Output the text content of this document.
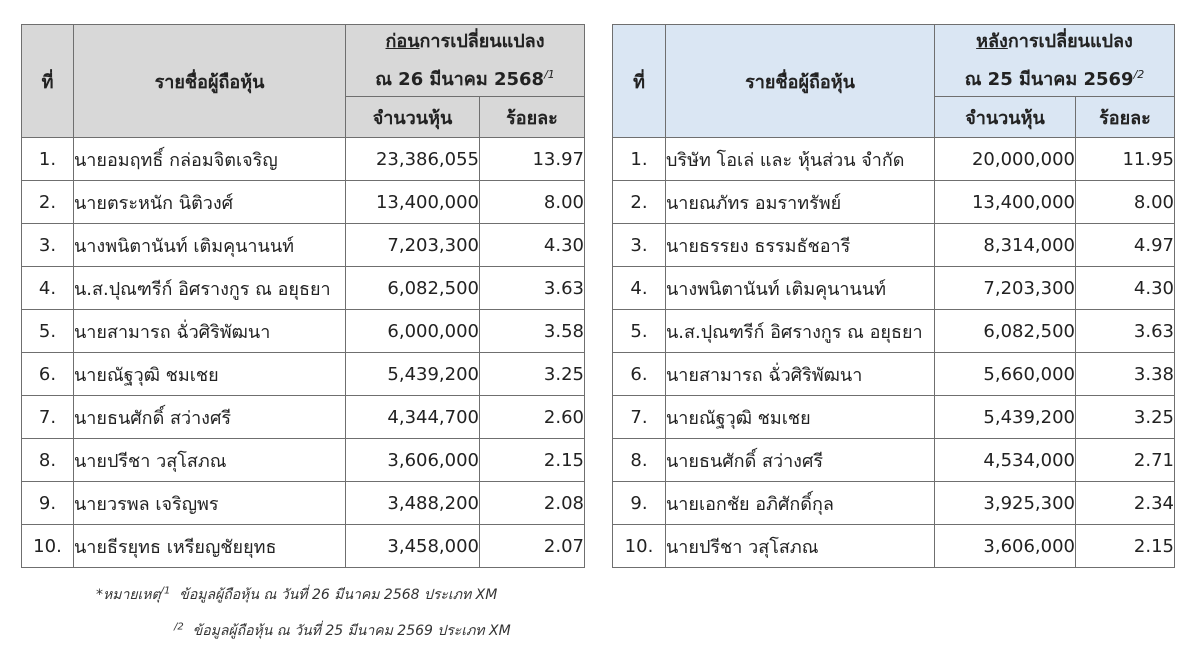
ที่	รายชื่อผู้ถือหุ้น	ก่อนการเปลี่ยนแปลง
ณ 26 มีนาคม $2568^{/1}$

		จำนวนหุ้น	ร้อยละ
1.	นายอมฤทธิ์ กล่อมจิตเจริญ	23,386,055	13.97
2.	นายตระหนัก นิติวงศ์	13,400,000	8.00
3.	นางพนิตานันท์ เติมคุนานนท์	7,203,300	4.30
4.	น.ส.ปุณฑรีก์ อิศรางกูร ณ อยุธยา	6,082,500	3.63
5.	นายสามารถ ฉั่วศิริพัฒนา	6,000,000	3.58
6.	นายณัฐวุฒิ ชมเชย	5,439,200	3.25
7.	นายธนศักดิ์ สว่างศรี	4,344,700	2.60
8.	นายปรีชา วสุโสภณ	3,606,000	2.15
9.	นายวรพล เจริญพร	3,488,200	2.08
10.	นายธีรยุทธ เหรียญชัยยุทธ	3,458,000	2.07
ที่	รายชื่อผู้ถือหุ้น	หลังการเปลี่ยนแปลง
ณ 25 มีนาคม $2569^{/2}$

		จำนวนหุ้น	ร้อยละ
1.	บริษัท โอเล่ และ หุ้นส่วน จำกัด	20,000,000	11.95
2.	นายณภัทร อมราทรัพย์	13,400,000	8.00
3.	นายธรรยง ธรรมธัชอารี	8,314,000	4.97
4.	นางพนิตานันท์ เติมคุนานนท์	7,203,300	4.30
5.	น.ส.ปุณฑรีก์ อิศรางกูร ณ อยุธยา	6,082,500	3.63
6.	นายสามารถ ฉั่วศิริพัฒนา	5,660,000	3.38
7.	นายณัฐวุฒิ ชมเชย	5,439,200	3.25
8.	นายธนศักดิ์ สว่างศรี	4,534,000	2.71
9.	นายเอกชัย อภิศักดิ์กุล	3,925,300	2.34
10.	นายปรีชา วสุโสภณ	3,606,000	2.15
*หมายเหตุ$^{/1}$ ข้อมูลผู้ถือหุ้น ณ วันที่ 26 มีนาคม 2568 ประเภท XM
$^{/2}$ ข้อมูลผู้ถือหุ้น ณ วันที่ 25 มีนาคม 2569 ประเภท XM
